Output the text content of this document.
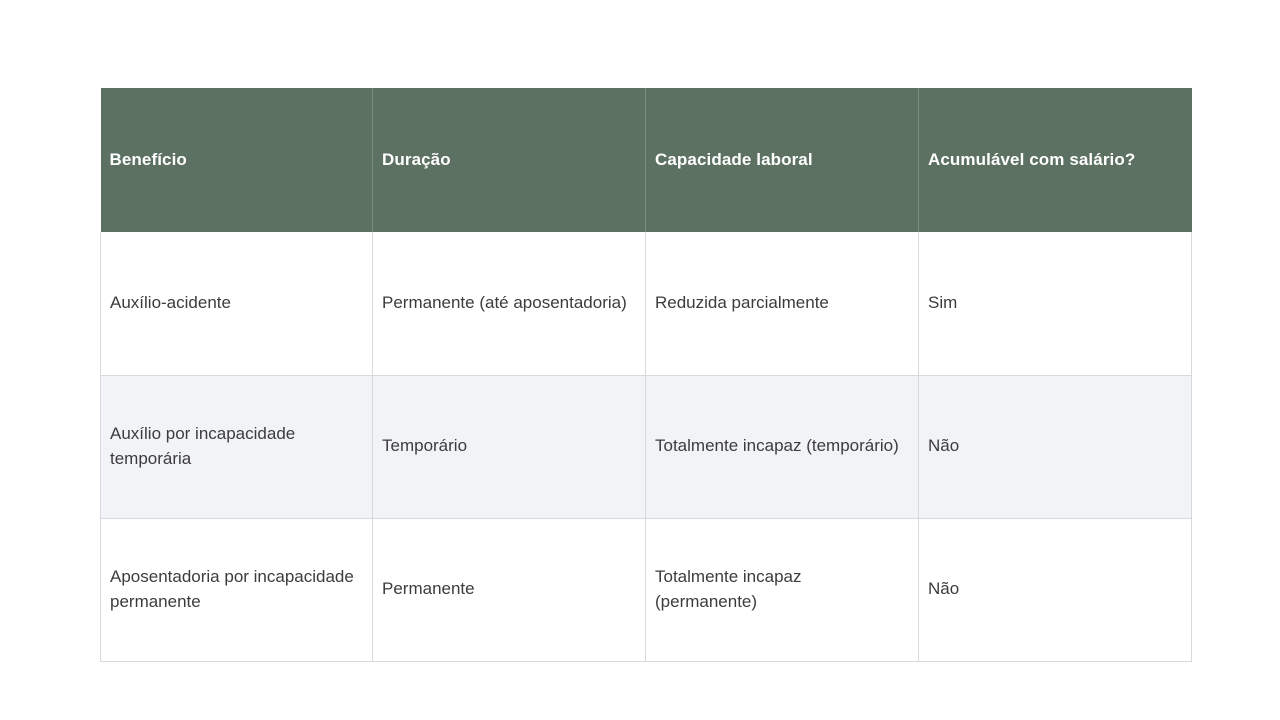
Benefício	Duração	Capacidade laboral	Acumulável com salário?
Auxílio-acidente	Permanente (até aposentadoria)	Reduzida parcialmente	Sim
Auxílio por incapacidade temporária	Temporário	Totalmente incapaz (temporário)	Não
Aposentadoria por incapacidade permanente	Permanente	Totalmente incapaz (permanente)	Não
